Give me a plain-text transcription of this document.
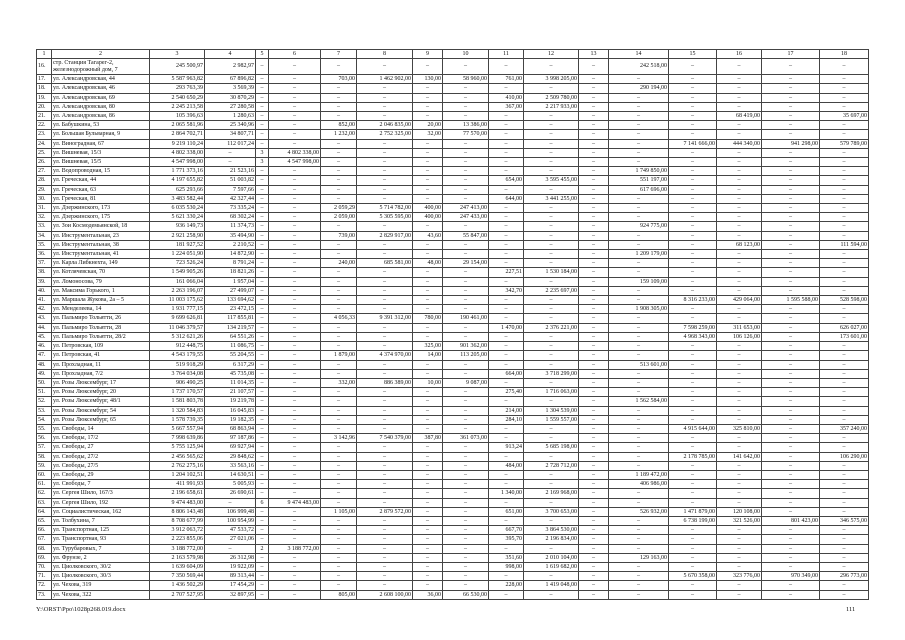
1	2	3	4	5	6	7	8	9	10	11	12	13	14	15	16	17	18
16.	стр. Станция Тагарег-2, железнодорожный дом, 7	245 500,97	2 982,97	–	–	–	–	–	–	–	–	–	242 518,00	–	–	–	–
17.	ул. Александровская, 44	5 587 963,82	67 896,82	–	–	703,00	1 462 902,00	130,00	58 960,00	761,00	3 998 205,00	–	–	–	–	–	–
18.	ул. Александровская, 46	293 763,39	3 569,39	–	–	–	–	–	–	–	–	–	290 194,00	–	–	–	–
19.	ул. Александровская, 69	2 540 650,29	30 870,29	–	–	–	–	–	–	410,00	2 509 780,00	–	–	–	–	–	–
20.	ул. Александровская, 80	2 245 213,58	27 280,58	–	–	–	–	–	–	367,00	2 217 933,00	–	–	–	–	–	–
21.	ул. Александровская, 86	105 396,63	1 280,63	–	–	–	–	–	–	–	–	–	–	–	68 419,00	–	35 697,00
22.	ул. Бабушкина, 53	2 065 581,96	25 340,96	–	–	852,00	2 046 835,00	20,00	13 386,00	–	–	–	–	–	–	–	–
23.	ул. Большая Бульварная, 9	2 864 702,71	34 807,71	–	–	1 232,00	2 752 325,00	32,00	77 570,00	–	–	–	–	–	–	–	–
24.	ул. Виноградная, 67	9 219 110,24	112 017,24	–	–	–	–	–	–	–	–	–	–	7 141 666,00	444 340,00	941 298,00	579 789,00
25.	ул. Вишневая, 15/3	4 802 338,00	–	3	4 802 338,00	–	–	–	–	–	–	–	–	–	–	–	–
26.	ул. Вишневая, 15/5	4 547 998,00	–	3	4 547 998,00	–	–	–	–	–	–	–	–	–	–	–	–
27.	ул. Водопроводная, 15	1 771 373,16	21 523,16	–	–	–	–	–	–	–	–	–	1 749 850,00	–	–	–	–
28.	ул. Греческая, 44	4 197 655,82	51 003,82	–	–	–	–	–	–	654,00	3 595 455,00	–	551 197,00	–	–	–	–
29.	ул. Греческая, 63	625 293,66	7 597,66	–	–	–	–	–	–	–	–	–	617 696,00	–	–	–	–
30.	ул. Греческая, 81	3 483 582,44	42 327,44	–	–	–	–	–	–	644,00	3 441 255,00	–	–	–	–	–	–
31.	ул. Дзержинского, 173	6 035 530,24	73 335,24	–	–	2 059,29	5 714 782,00	400,00	247 413,00	–	–	–	–	–	–	–	–
32.	ул. Дзержинского, 175	5 621 330,24	68 302,24	–	–	2 059,00	5 305 595,00	400,00	247 433,00	–	–	–	–	–	–	–	–
33.	ул. Зои Космодемьянской, 18	936 149,73	11 374,73	–	–	–	–	–	–	–	–	–	924 775,00	–	–	–	–
34.	ул. Инструментальная, 23	2 921 258,90	35 494,90	–	–	739,00	2 829 917,00	43,60	55 847,00	–	–	–	–	–	–	–	–
35.	ул. Инструментальная, 38	181 927,52	2 210,52	–	–	–	–	–	–	–	–	–	–	–	68 123,00	–	111 594,00
36.	ул. Инструментальная, 41	1 224 051,90	14 872,90	–	–	–	–	–	–	–	–	–	1 209 179,00	–	–	–	–
37.	ул. Карла Либкнехта, 149	723 526,24	8 791,24	–	–	240,00	685 581,00	48,00	29 154,00	–	–	–	–	–	–	–	–
38.	ул. Котлячевская, 70	1 549 905,26	18 821,26	–	–	–	–	–	–	227,51	1 530 184,00	–	–	–	–	–	–
39.	ул. Ломоносова, 79	161 066,04	1 957,04	–	–	–	–	–	–	–	–	–	159 109,00	–	–	–	–
40.	ул. Максима Горького, 1	2 263 196,07	27 499,07	–	–	–	–	–	–	342,70	2 235 697,00	–	–	–	–	–	–
41.	ул. Маршала Жукова, 2а – 5	11 003 175,62	133 694,62	–	–	–	–	–	–	–	–	–	–	8 316 233,00	429 064,00	1 595 588,00	528 598,00
42.	ул. Менделеева, 14	1 931 777,15	23 472,15	–	–	–	–	–	–	–	–	–	1 908 305,00	–	–	–	–
43.	ул. Пальмиро Тольятти, 26	9 699 626,81	117 855,81	–	–	4 056,33	9 391 312,00	780,00	190 461,00	–	–	–	–	–	–	–	–
44.	ул. Пальмиро Тольятти, 28	11 046 379,57	134 219,57	–	–	–	–	–	–	1 470,00	2 376 221,00	–	–	7 598 259,00	311 653,00	–	626 027,00
45.	ул. Пальмиро Тольятти, 28/2	5 312 621,26	64 551,26	–	–	–	–	–	–	–	–	–	–	4 968 343,00	106 126,00	–	173 601,00
46.	ул. Петровская, 109	912 448,75	11 086,75	–	–	–	–	325,00	901 362,00	–	–	–	–	–	–	–	–
47.	ул. Петровская, 41	4 543 179,55	55 204,55	–	–	1 879,00	4 374 970,00	14,00	113 205,00	–	–	–	–	–	–	–	–
48.	ул. Прохладная, 11	519 918,29	6 317,29	–	–	–	–	–	–	–	–	–	513 601,00	–	–	–	–
49.	ул. Прохладная, 7/2	3 764 034,08	45 735,08	–	–	–	–	–	–	664,00	3 718 299,00	–	–	–	–	–	–
50.	ул. Розы Люксембург, 17	906 490,25	11 014,35	–	–	332,00	886 389,00	10,00	9 087,00	–	–	–	–	–	–	–	–
51.	ул. Розы Люксембург, 20	1 737 170,57	21 107,57	–	–	–	–	–	–	275,40	1 716 063,00	–	–	–	–	–	–
52.	ул. Розы Люксембург, 48/1	1 581 803,78	19 219,78	–	–	–	–	–	–	–	–	–	1 562 584,00	–	–	–	–
53.	ул. Розы Люксембург, 54	1 320 584,83	16 045,83	–	–	–	–	–	–	214,00	1 304 539,00	–	–	–	–	–	–
54.	ул. Розы Люксембург, 65	1 578 739,35	19 182,35	–	–	–	–	–	–	284,10	1 559 557,00	–	–	–	–	–	–
55.	ул. Свободы, 14	5 667 557,94	68 863,94	–	–	–	–	–	–	–	–	–	–	4 915 644,00	325 810,00	–	357 240,00
56.	ул. Свободы, 17/2	7 998 639,86	97 187,86	–	–	3 142,96	7 540 379,00	387,80	361 073,00	–	–	–	–	–	–	–	–
57.	ул. Свободы, 27	5 755 125,94	69 927,94	–	–	–	–	–	–	913,24	5 685 198,00	–	–	–	–	–	–
58.	ул. Свободы, 27/2	2 456 565,62	29 848,62	–	–	–	–	–	–	–	–	–	–	2 178 785,00	141 642,00	–	106 290,00
59.	ул. Свободы, 27/5	2 762 275,16	33 563,16	–	–	–	–	–	–	484,00	2 728 712,00	–	–	–	–	–	–
60.	ул. Свободы, 29	1 204 102,51	14 630,51	–	–	–	–	–	–	–	–	–	1 189 472,00	–	–	–	–
61.	ул. Свободы, 7	411 991,93	5 005,93	–	–	–	–	–	–	–	–	–	406 986,00	–	–	–	–
62.	ул. Сергея Шило, 167/3	2 196 658,61	26 690,61	–	–	–	–	–	–	1 340,00	2 169 968,00	–	–	–	–	–	–
63.	ул. Сергея Шило, 192	9 474 483,00	–	6	9 474 483,00	–	–	–	–	–	–	–	–	–	–	–	–
64.	ул. Социалистическая, 162	8 806 143,48	106 999,48	–	–	1 105,00	2 879 572,00	–	–	651,00	3 700 653,00	–	526 932,00	1 471 879,00	120 108,00	–	–
65.	ул. Толбухина, 7	8 708 677,99	100 954,99	–	–	–	–	–	–	–	–	–	–	6 738 199,00	321 526,00	801 423,00	346 575,00
66.	ул. Транспортная, 125	3 912 063,72	47 533,72	–	–	–	–	–	–	667,70	3 864 530,00	–	–	–	–	–	–
67.	ул. Транспортная, 93	2 223 855,06	27 021,06	–	–	–	–	–	–	395,70	2 196 834,00	–	–	–	–	–	–
68.	ул. Турубаровых, 7	3 188 772,00	–	2	3 188 772,00	–	–	–	–	–	–	–	–	–	–	–	–
69.	ул. Фрунзе, 2	2 163 579,98	26 312,98	–	–	–	–	–	–	351,60	2 010 104,00	–	129 163,00	–	–	–	–
70.	ул. Циолковского, 30/2	1 639 604,09	19 922,09	–	–	–	–	–	–	998,00	1 619 682,00	–	–	–	–	–	–
71.	ул. Циолковского, 30/3	7 350 569,44	89 313,44	–	–	–	–	–	–	–	–	–	–	5 670 358,00	323 776,00	970 349,00	296 773,00
72.	ул. Чехова, 319	1 436 502,29	17 454,29	–	–	–	–	–	–	228,00	1 419 048,00	–	–	–	–	–	–
73.	ул. Чехова, 322	2 707 527,95	32 897,95	–	–	805,00	2 608 100,00	36,00	66 530,00	–	–	–	–	–	–	–	–
Y:\ORST\Ppo\1028p268.019.docx	111
